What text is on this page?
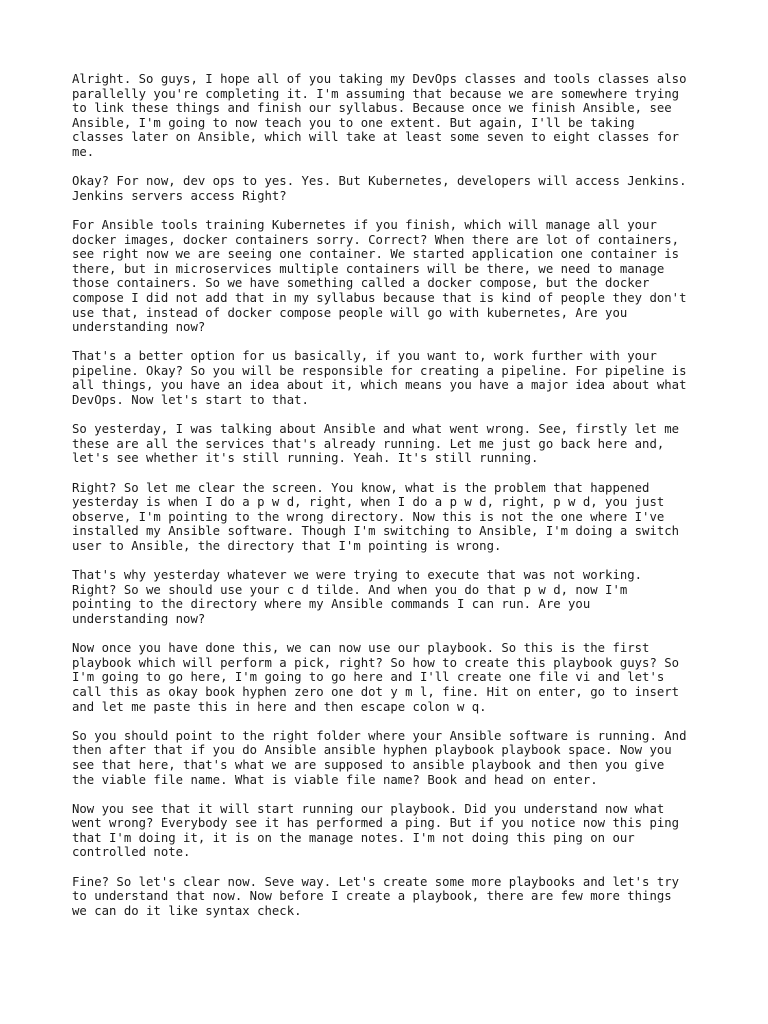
Alright. So guys, I hope all of you taking my DevOps classes and tools classes also
parallelly you're completing it. I'm assuming that because we are somewhere trying
to link these things and finish our syllabus. Because once we finish Ansible, see
Ansible, I'm going to now teach you to one extent. But again, I'll be taking
classes later on Ansible, which will take at least some seven to eight classes for
me.

Okay? For now, dev ops to yes. Yes. But Kubernetes, developers will access Jenkins.
Jenkins servers access Right?

For Ansible tools training Kubernetes if you finish, which will manage all your
docker images, docker containers sorry. Correct? When there are lot of containers,
see right now we are seeing one container. We started application one container is
there, but in microservices multiple containers will be there, we need to manage
those containers. So we have something called a docker compose, but the docker
compose I did not add that in my syllabus because that is kind of people they don't
use that, instead of docker compose people will go with kubernetes, Are you
understanding now?

That's a better option for us basically, if you want to, work further with your
pipeline. Okay? So you will be responsible for creating a pipeline. For pipeline is
all things, you have an idea about it, which means you have a major idea about what
DevOps. Now let's start to that.

So yesterday, I was talking about Ansible and what went wrong. See, firstly let me
these are all the services that's already running. Let me just go back here and,
let's see whether it's still running. Yeah. It's still running.

Right? So let me clear the screen. You know, what is the problem that happened
yesterday is when I do a p w d, right, when I do a p w d, right, p w d, you just
observe, I'm pointing to the wrong directory. Now this is not the one where I've
installed my Ansible software. Though I'm switching to Ansible, I'm doing a switch
user to Ansible, the directory that I'm pointing is wrong.

That's why yesterday whatever we were trying to execute that was not working.
Right? So we should use your c d tilde. And when you do that p w d, now I'm
pointing to the directory where my Ansible commands I can run. Are you
understanding now?

Now once you have done this, we can now use our playbook. So this is the first
playbook which will perform a pick, right? So how to create this playbook guys? So
I'm going to go here, I'm going to go here and I'll create one file vi and let's
call this as okay book hyphen zero one dot y m l, fine. Hit on enter, go to insert
and let me paste this in here and then escape colon w q.

So you should point to the right folder where your Ansible software is running. And
then after that if you do Ansible ansible hyphen playbook playbook space. Now you
see that here, that's what we are supposed to ansible playbook and then you give
the viable file name. What is viable file name? Book and head on enter.

Now you see that it will start running our playbook. Did you understand now what
went wrong? Everybody see it has performed a ping. But if you notice now this ping
that I'm doing it, it is on the manage notes. I'm not doing this ping on our
controlled note.

Fine? So let's clear now. Seve way. Let's create some more playbooks and let's try
to understand that now. Now before I create a playbook, there are few more things
we can do it like syntax check.
